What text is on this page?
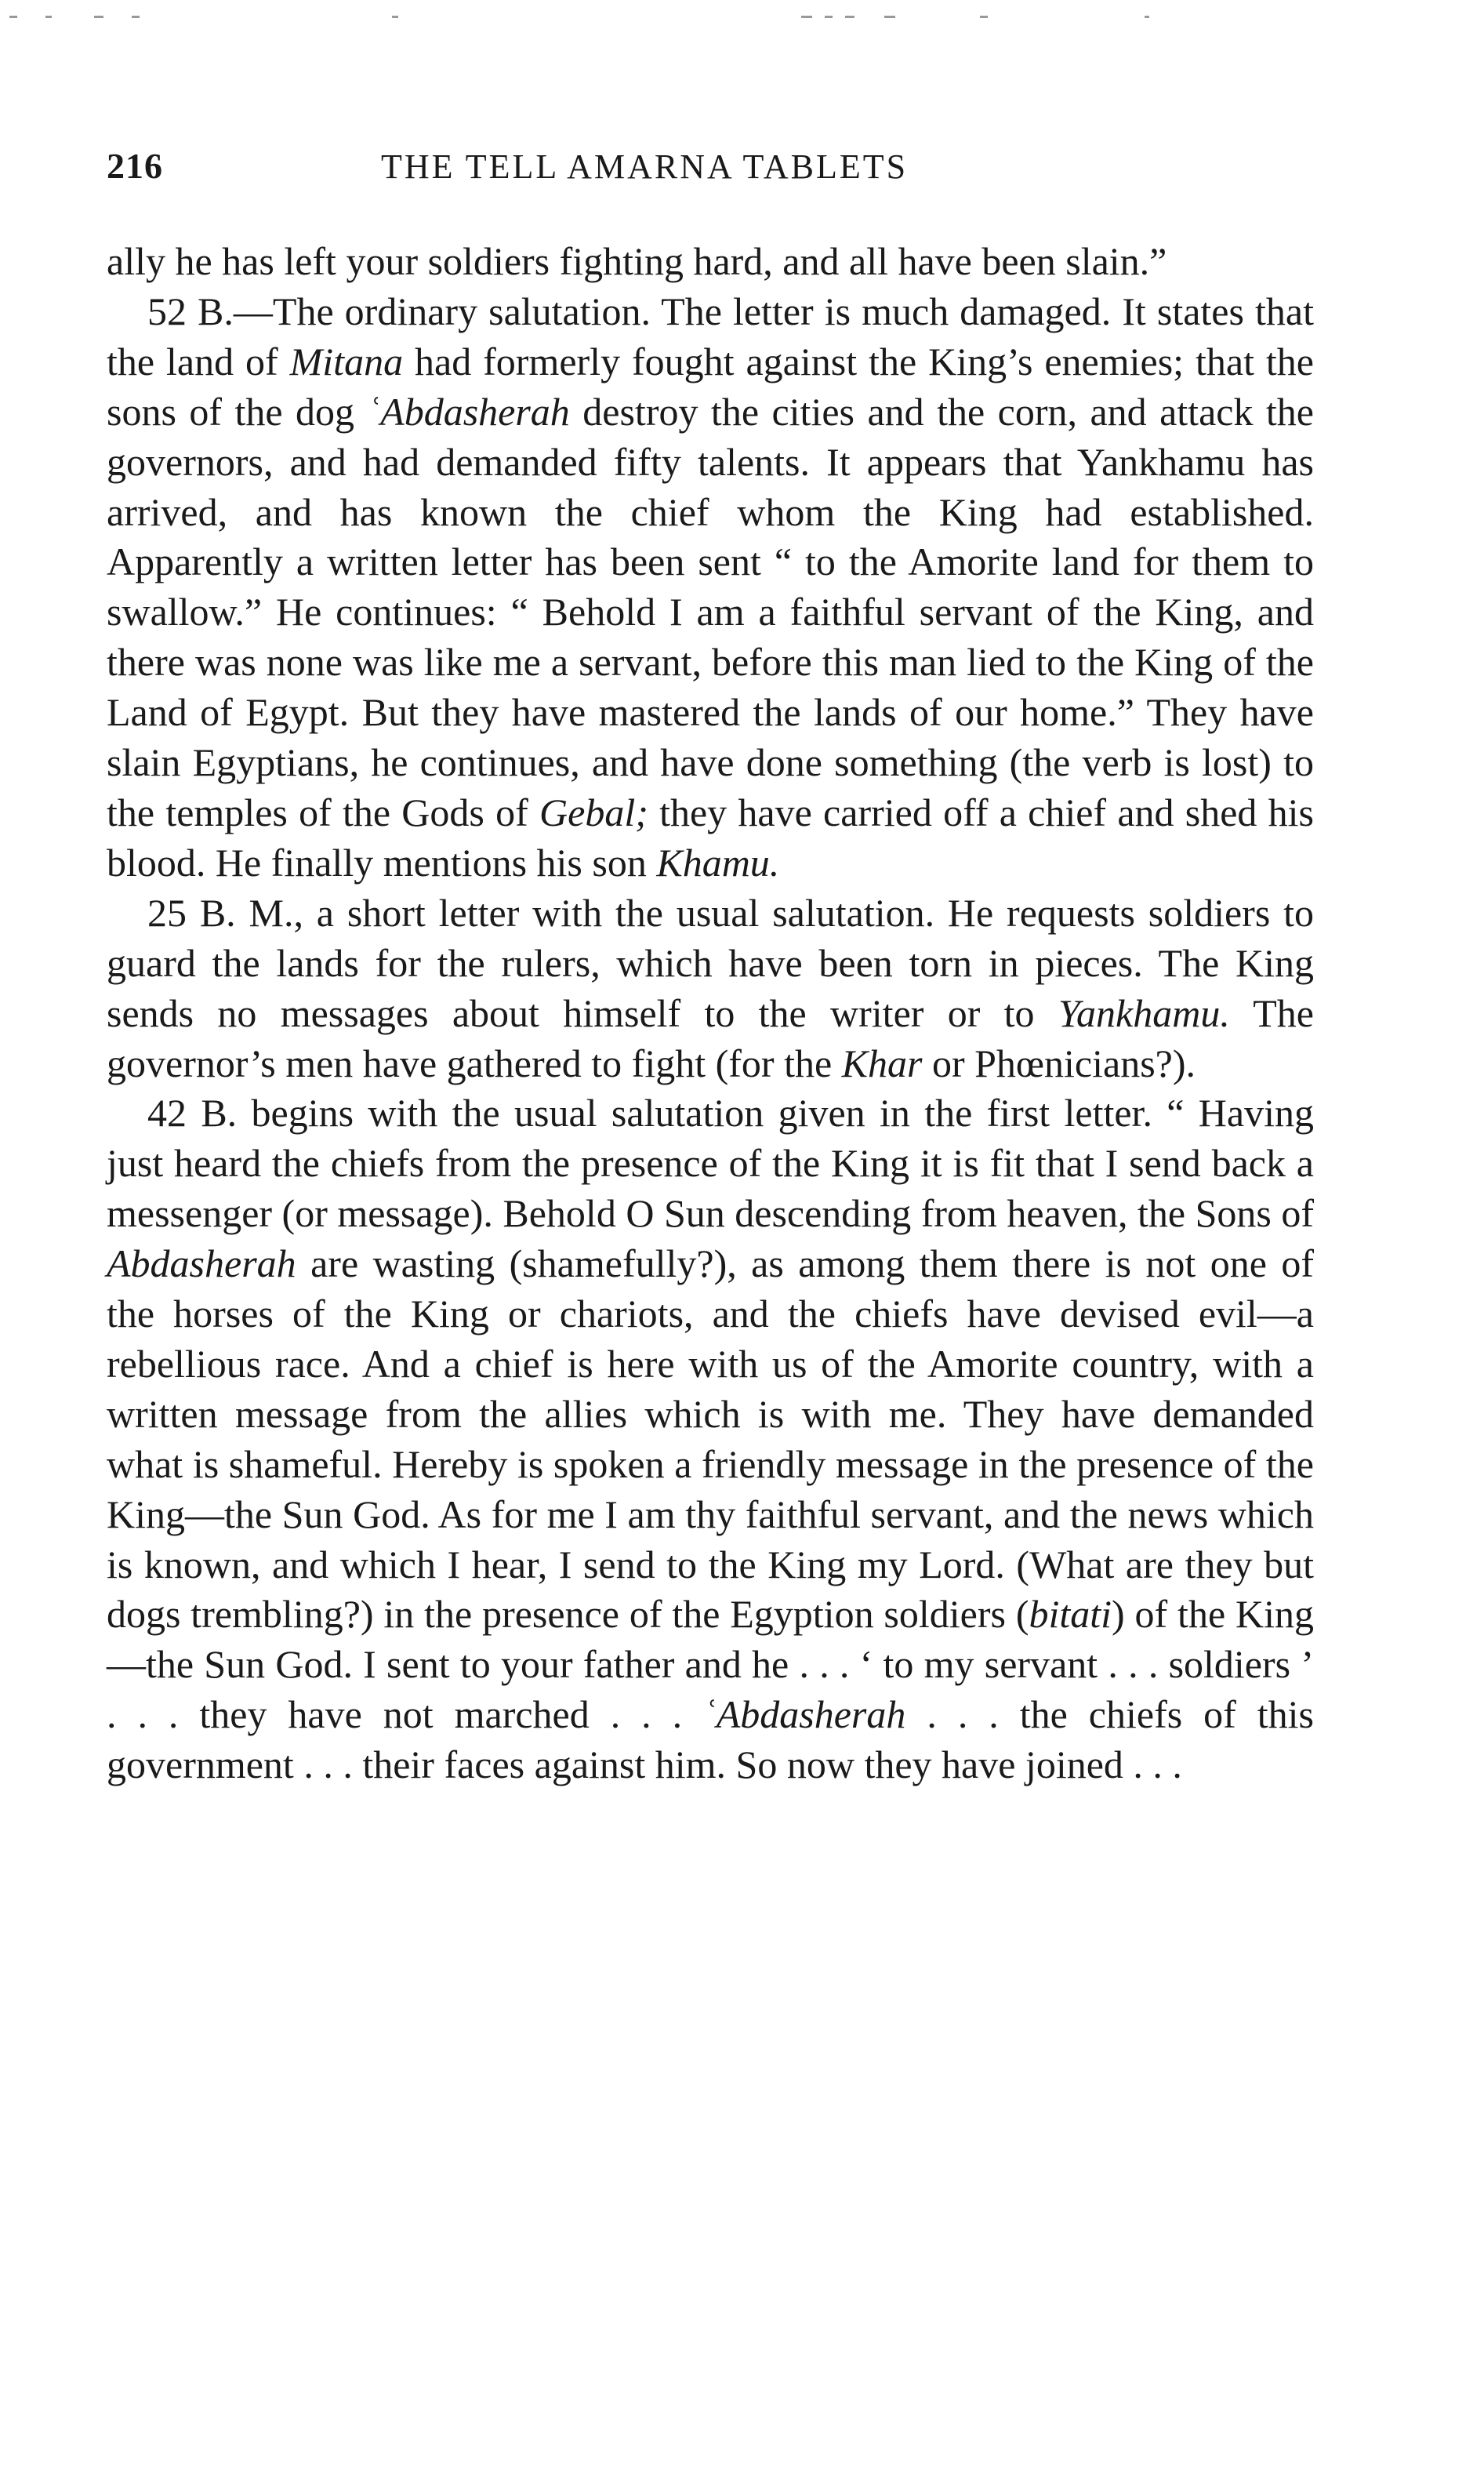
216	THE TELL AMARNA TABLETS

ally he has left your soldiers fighting hard, and all have been slain.”

52 B.—The ordinary salutation. The letter is much damaged. It states that the land of Mitana had formerly fought against the King’s enemies; that the sons of the dog ʿAbdasherah destroy the cities and the corn, and attack the governors, and had demanded fifty talents. It appears that Yankhamu has arrived, and has known the chief whom the King had established. Apparently a written letter has been sent “ to the Amorite land for them to swallow.” He continues: “ Behold I am a faithful servant of the King, and there was none was like me a servant, before this man lied to the King of the Land of Egypt. But they have mastered the lands of our home.” They have slain Egyptians, he continues, and have done something (the verb is lost) to the temples of the Gods of Gebal; they have carried off a chief and shed his blood. He finally mentions his son Khamu.

25 B. M., a short letter with the usual salutation. He requests soldiers to guard the lands for the rulers, which have been torn in pieces. The King sends no messages about himself to the writer or to Yankhamu. The governor’s men have gathered to fight (for the Khar or Phœnicians?).

42 B. begins with the usual salutation given in the first letter. “ Having just heard the chiefs from the presence of the King it is fit that I send back a messenger (or message). Behold O Sun descending from heaven, the Sons of Abdasherah are wasting (shamefully?), as among them there is not one of the horses of the King or chariots, and the chiefs have devised evil—a rebellious race. And a chief is here with us of the Amorite country, with a written message from the allies which is with me. They have demanded what is shameful. Hereby is spoken a friendly message in the presence of the King—the Sun God. As for me I am thy faithful servant, and the news which is known, and which I hear, I send to the King my Lord. (What are they but dogs trembling?) in the presence of the Egyption soldiers (bitati) of the King—the Sun God. I sent to your father and he . . . ‘ to my servant . . . soldiers ’ . . . they have not marched . . . ʿAbdasherah . . . the chiefs of this government . . . their faces against him. So now they have joined . . .
